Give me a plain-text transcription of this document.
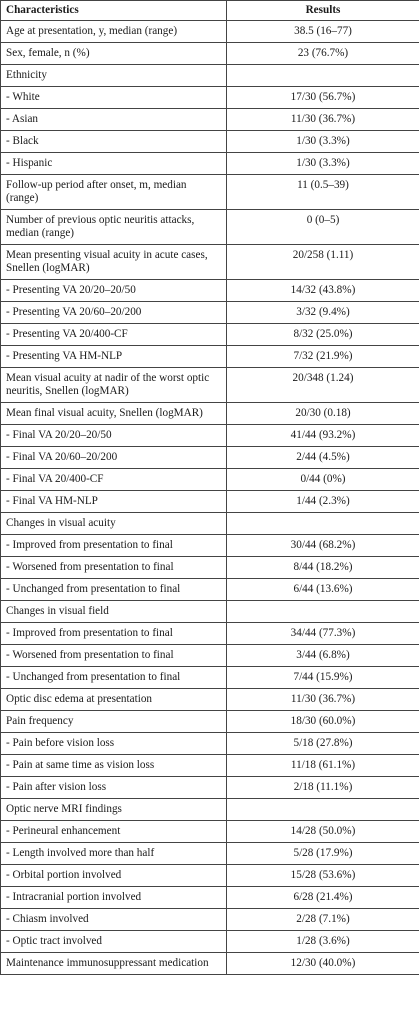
Characteristics	Results
Age at presentation, y, median (range)	38.5 (16–77)
Sex, female, n (%)	23 (76.7%)
Ethnicity	
- White	17/30 (56.7%)
- Asian	11/30 (36.7%)
- Black	1/30 (3.3%)
- Hispanic	1/30 (3.3%)
Follow-up period after onset, m, median (range)	11 (0.5–39)
Number of previous optic neuritis attacks, median (range)	0 (0–5)
Mean presenting visual acuity in acute cases, Snellen (logMAR)	20/258 (1.11)
- Presenting VA 20/20–20/50	14/32 (43.8%)
- Presenting VA 20/60–20/200	3/32 (9.4%)
- Presenting VA 20/400-CF	8/32 (25.0%)
- Presenting VA HM-NLP	7/32 (21.9%)
Mean visual acuity at nadir of the worst optic neuritis, Snellen (logMAR)	20/348 (1.24)
Mean final visual acuity, Snellen (logMAR)	20/30 (0.18)
- Final VA 20/20–20/50	41/44 (93.2%)
- Final VA 20/60–20/200	2/44 (4.5%)
- Final VA 20/400-CF	0/44 (0%)
- Final VA HM-NLP	1/44 (2.3%)
Changes in visual acuity	
- Improved from presentation to final	30/44 (68.2%)
- Worsened from presentation to final	8/44 (18.2%)
- Unchanged from presentation to final	6/44 (13.6%)
Changes in visual field	
- Improved from presentation to final	34/44 (77.3%)
- Worsened from presentation to final	3/44 (6.8%)
- Unchanged from presentation to final	7/44 (15.9%)
Optic disc edema at presentation	11/30 (36.7%)
Pain frequency	18/30 (60.0%)
- Pain before vision loss	5/18 (27.8%)
- Pain at same time as vision loss	11/18 (61.1%)
- Pain after vision loss	2/18 (11.1%)
Optic nerve MRI findings	
- Perineural enhancement	14/28 (50.0%)
- Length involved more than half	5/28 (17.9%)
- Orbital portion involved	15/28 (53.6%)
- Intracranial portion involved	6/28 (21.4%)
- Chiasm involved	2/28 (7.1%)
- Optic tract involved	1/28 (3.6%)
Maintenance immunosuppressant medication	12/30 (40.0%)
